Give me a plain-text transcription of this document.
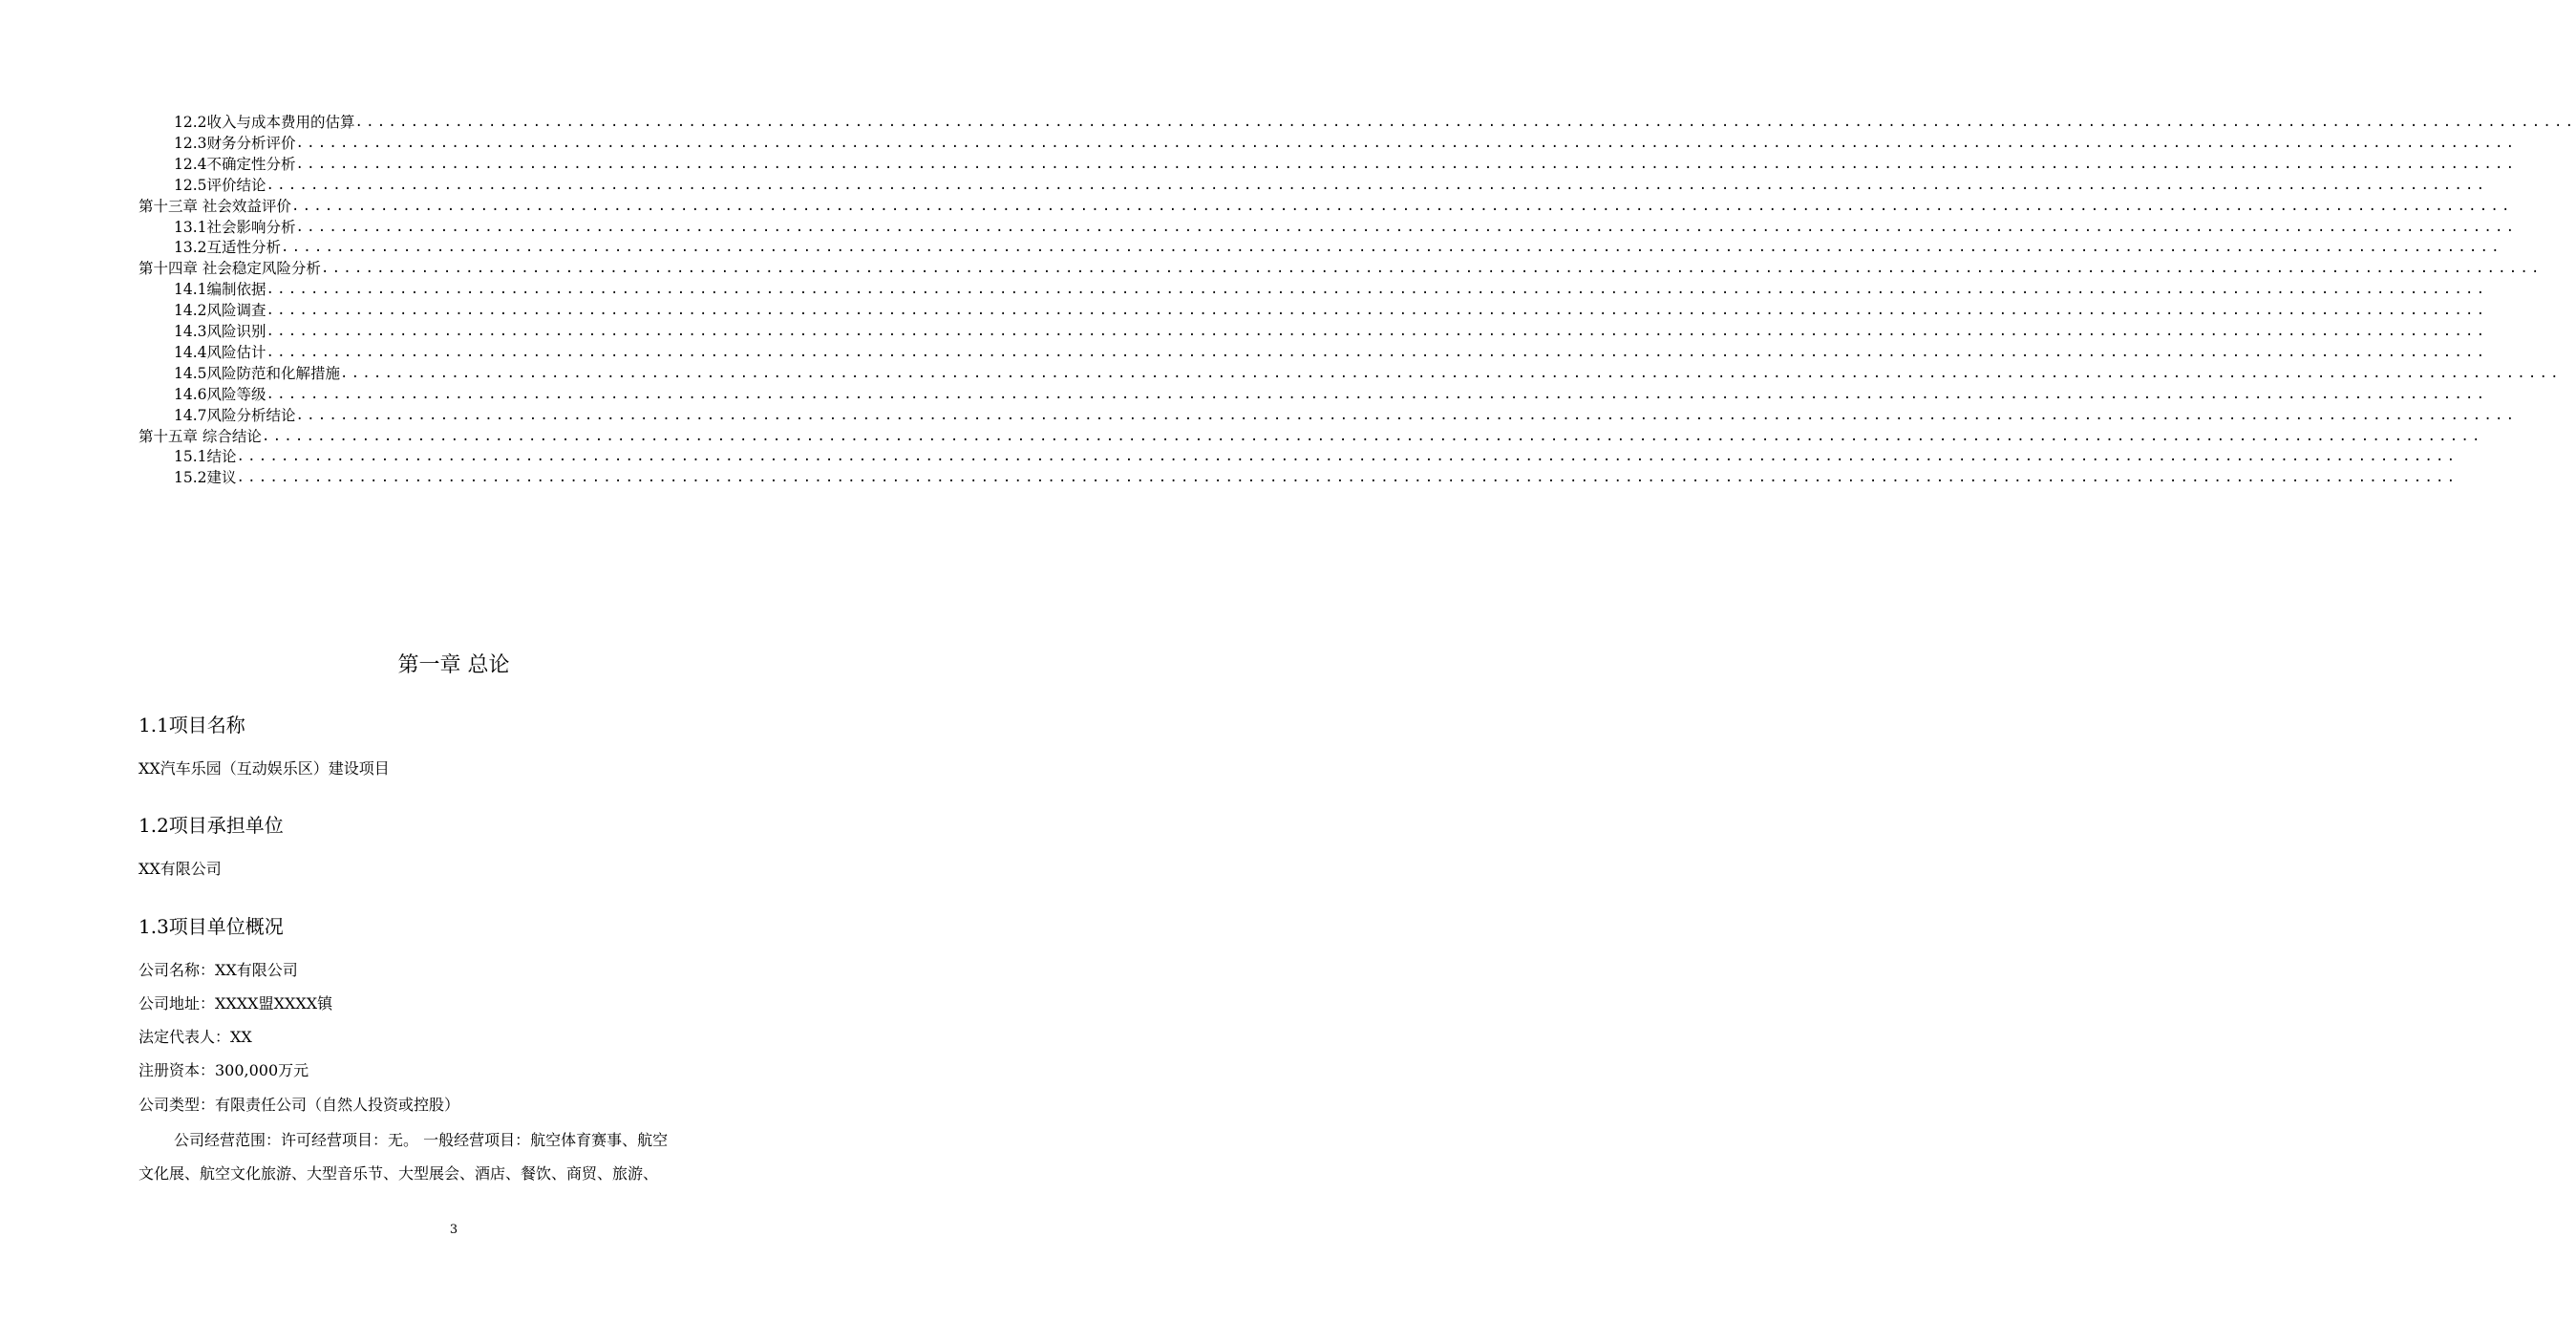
12.2收入与成本费用的估算 ........................................................................................................................................................................................................
12.3财务分析评价 ........................................................................................................................................................................................................
12.4不确定性分析 ........................................................................................................................................................................................................
12.5评价结论 ........................................................................................................................................................................................................
第十三章 社会效益评价 ........................................................................................................................................................................................................
13.1社会影响分析 ........................................................................................................................................................................................................
13.2互适性分析 ........................................................................................................................................................................................................
第十四章 社会稳定风险分析 ........................................................................................................................................................................................................
14.1编制依据 ........................................................................................................................................................................................................
14.2风险调查 ........................................................................................................................................................................................................
14.3风险识别 ........................................................................................................................................................................................................
14.4风险估计 ........................................................................................................................................................................................................
14.5风险防范和化解措施 ........................................................................................................................................................................................................
14.6风险等级 ........................................................................................................................................................................................................
14.7风险分析结论 ........................................................................................................................................................................................................
第十五章 综合结论 ........................................................................................................................................................................................................
15.1结论 ........................................................................................................................................................................................................
15.2建议 ........................................................................................................................................................................................................
第一章 总论
1.1项目名称
XX汽车乐园（互动娱乐区）建设项目
1.2项目承担单位
XX有限公司
1.3项目单位概况
公司名称：XX有限公司
公司地址：XXXX盟XXXX镇
法定代表人：XX
注册资本：300,000万元
公司类型：有限责任公司（自然人投资或控股）
公司经营范围：许可经营项目：无。 一般经营项目：航空体育赛事、航空
文化展、航空文化旅游、大型音乐节、大型展会、酒店、餐饮、商贸、旅游、
3
